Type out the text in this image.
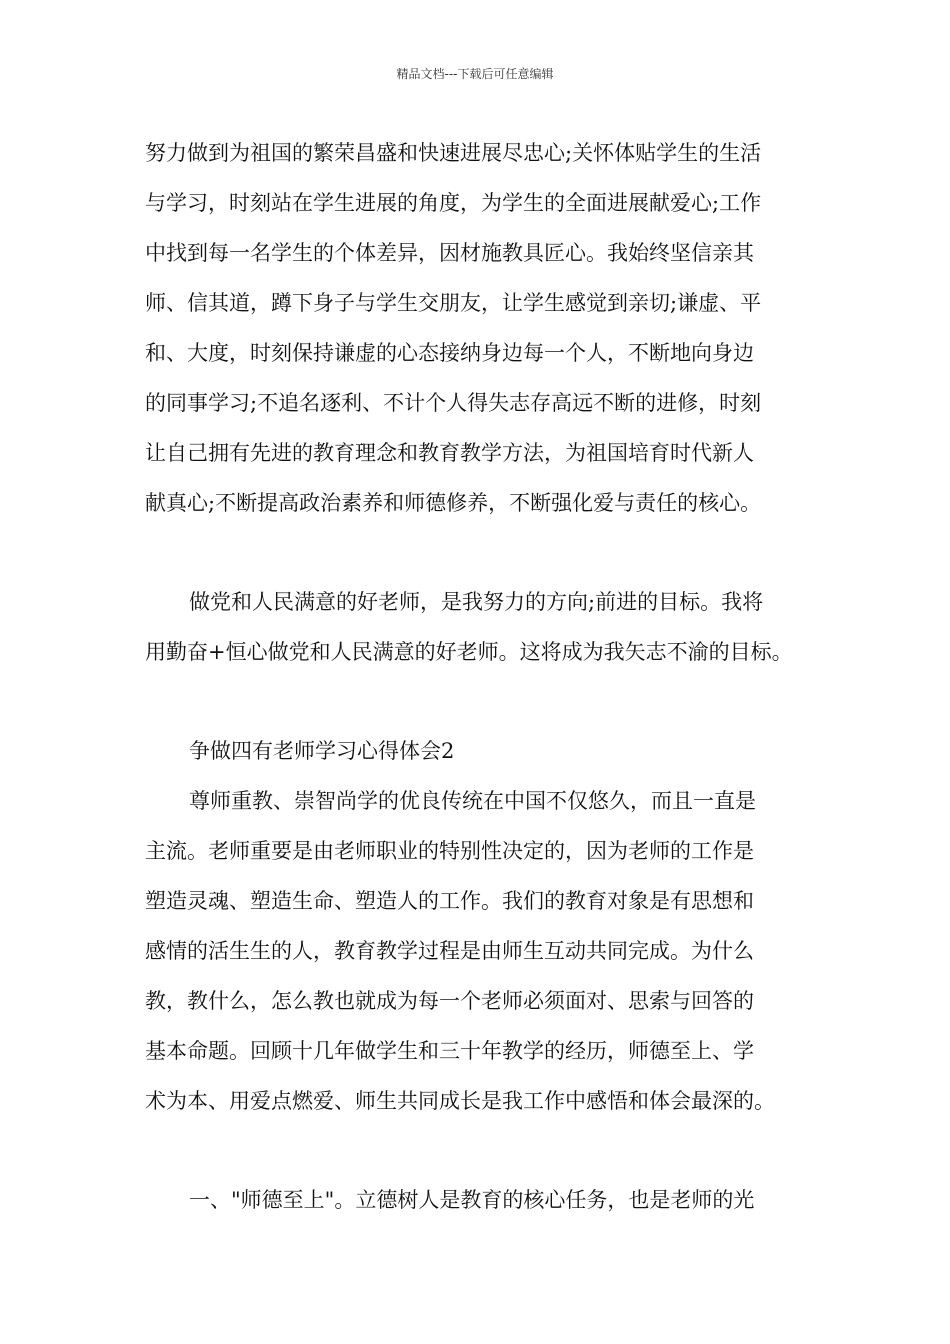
精品文档---下载后可任意编辑
努力做到为祖国的繁荣昌盛和快速进展尽忠心;关怀体贴学生的生活
与学习，时刻站在学生进展的角度，为学生的全面进展献爱心;工作
中找到每一名学生的个体差异，因材施教具匠心。我始终坚信亲其
师、信其道，蹲下身子与学生交朋友，让学生感觉到亲切;谦虚、平
和、大度，时刻保持谦虚的心态接纳身边每一个人，不断地向身边
的同事学习;不追名逐利、不计个人得失志存高远不断的进修，时刻
让自己拥有先进的教育理念和教育教学方法，为祖国培育时代新人
献真心;不断提高政治素养和师德修养，不断强化爱与责任的核心。
做党和人民满意的好老师，是我努力的方向;前进的目标。我将
用勤奋+恒心做党和人民满意的好老师。这将成为我矢志不渝的目标。
争做四有老师学习心得体会2
尊师重教、崇智尚学的优良传统在中国不仅悠久，而且一直是
主流。老师重要是由老师职业的特别性决定的，因为老师的工作是
塑造灵魂、塑造生命、塑造人的工作。我们的教育对象是有思想和
感情的活生生的人，教育教学过程是由师生互动共同完成。为什么
教，教什么，怎么教也就成为每一个老师必须面对、思索与回答的
基本命题。回顾十几年做学生和三十年教学的经历，师德至上、学
术为本、用爱点燃爱、师生共同成长是我工作中感悟和体会最深的。
一、"师德至上"。立德树人是教育的核心任务，也是老师的光
